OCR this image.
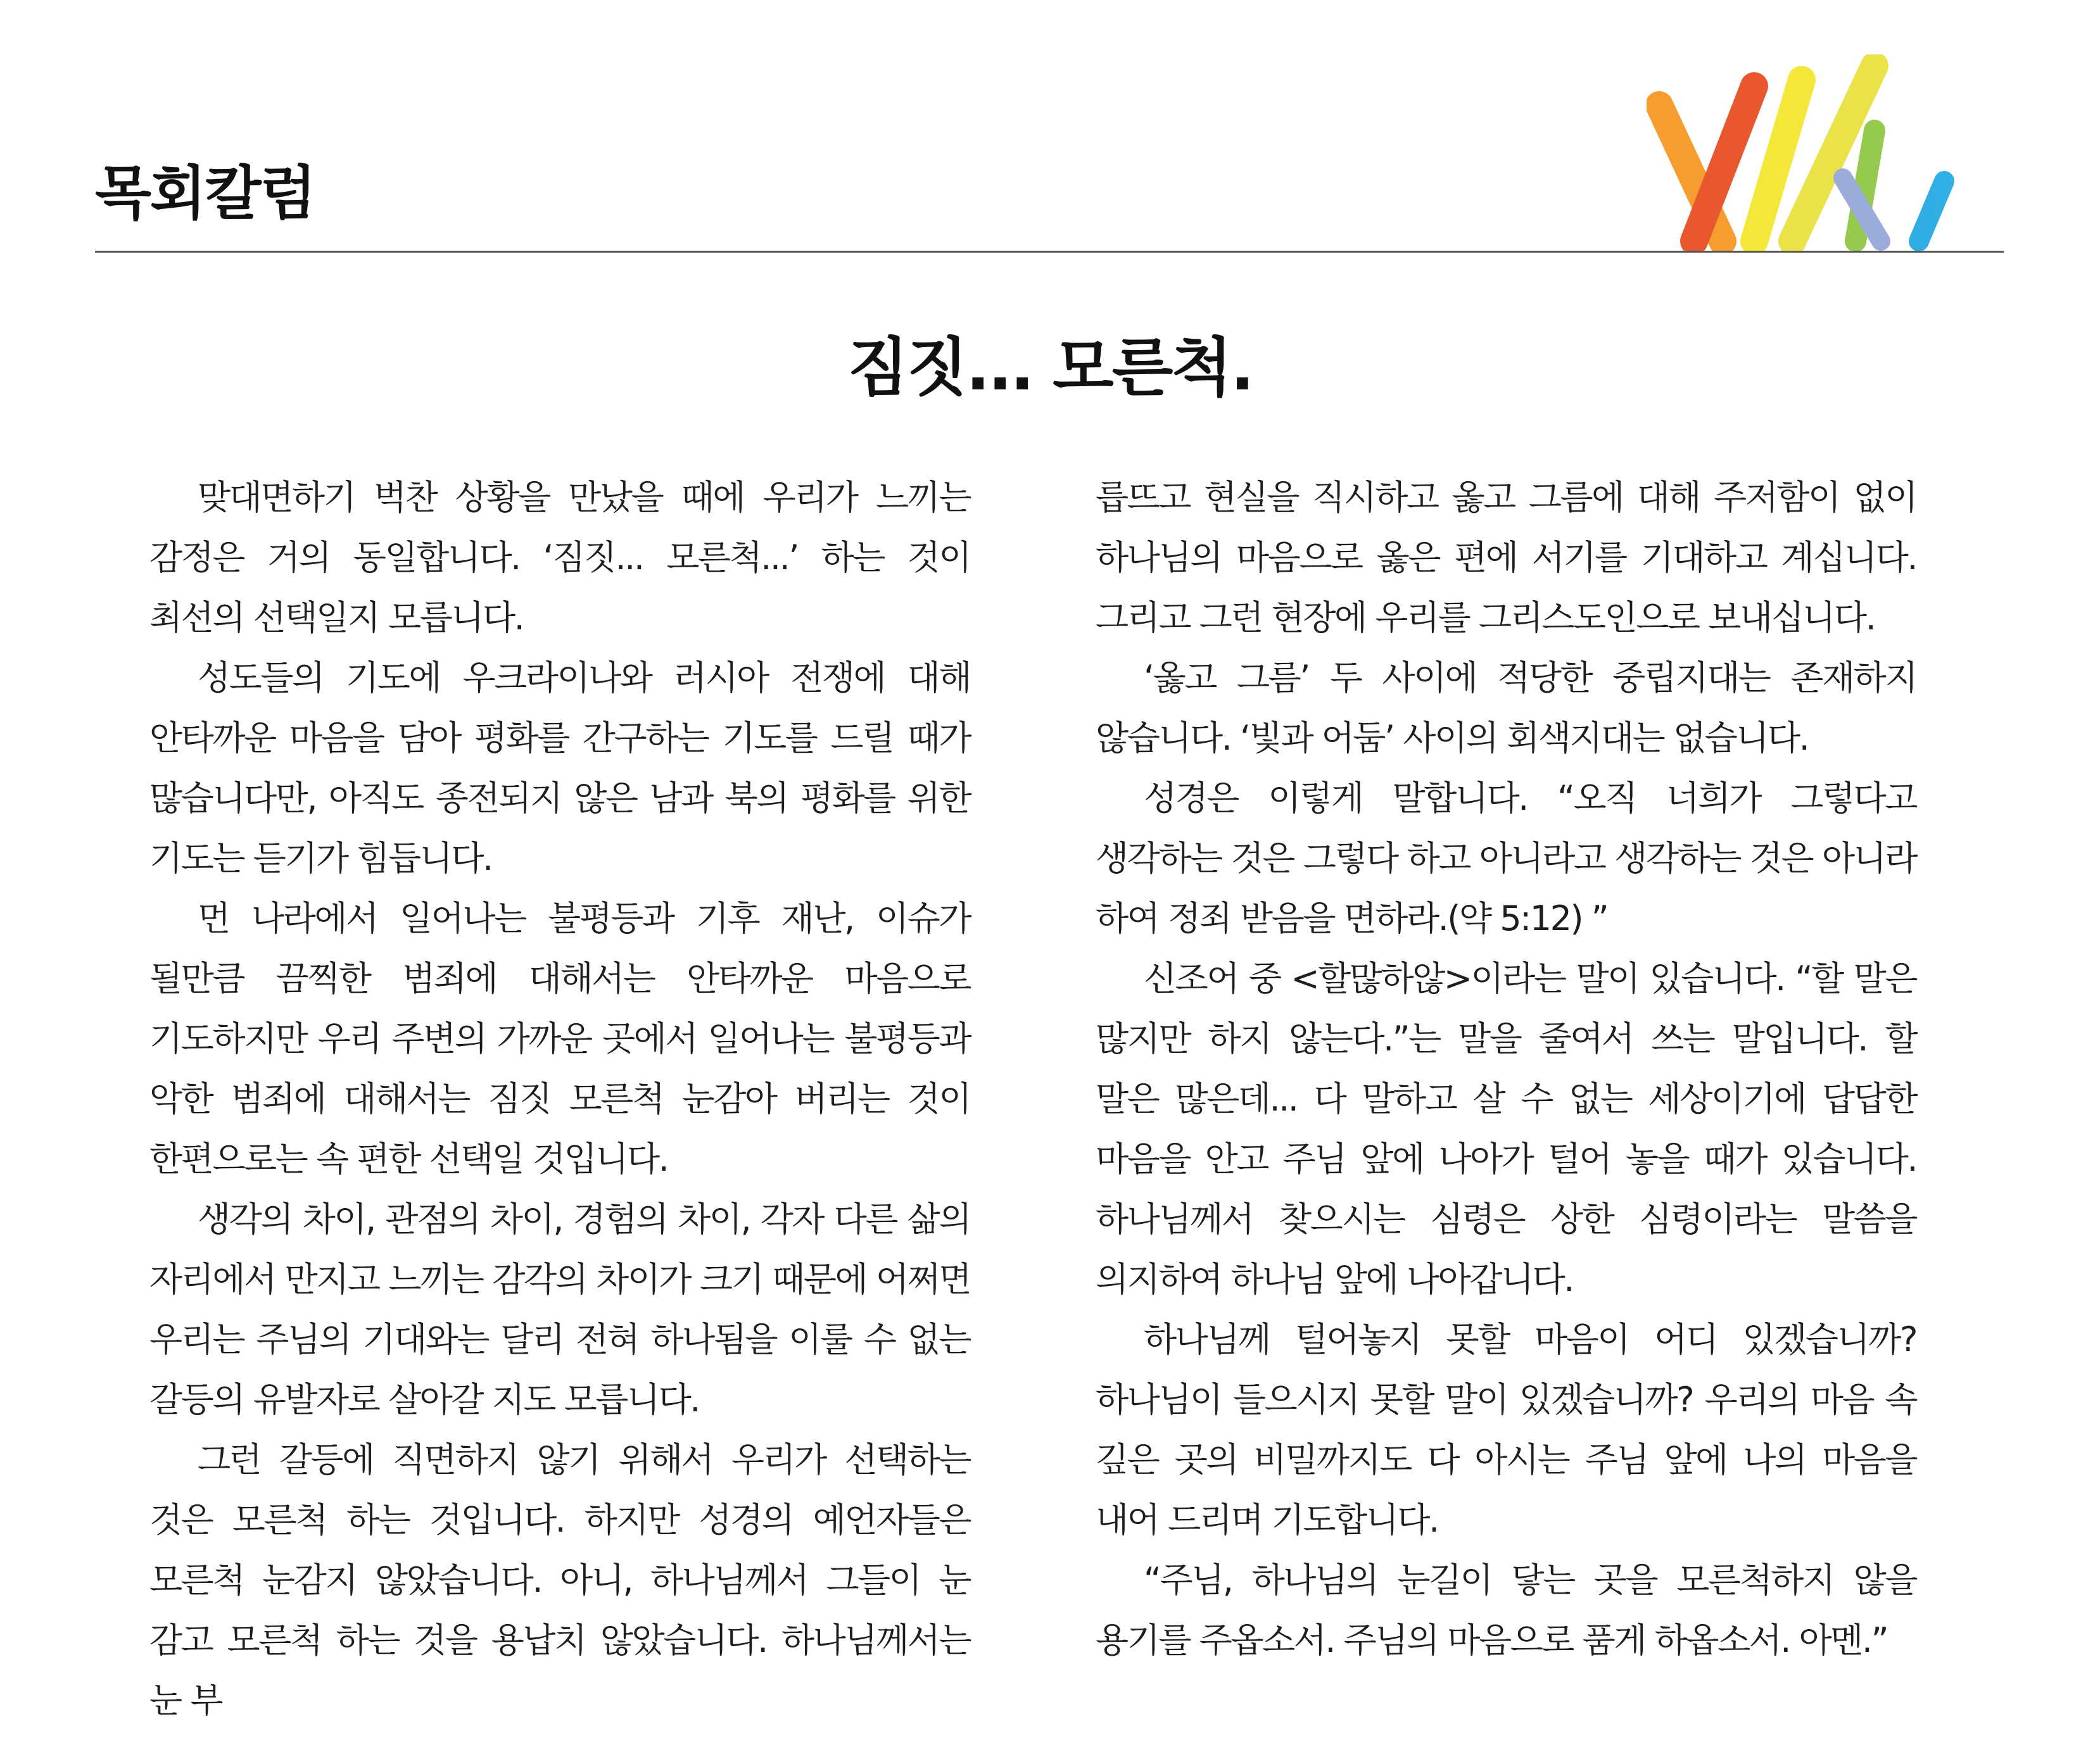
목회칼럼
짐짓... 모른척.

맞대면하기 벅찬 상황을 만났을 때에 우리가 느끼는 감정은 거의 동일합니다. ‘짐짓... 모른척...’ 하는 것이 최선의 선택일지 모릅니다.

성도들의 기도에 우크라이나와 러시아 전쟁에 대해 안타까운 마음을 담아 평화를 간구하는 기도를 드릴 때가 많습니다만, 아직도 종전되지 않은 남과 북의 평화를 위한 기도는 듣기가 힘듭니다.

먼 나라에서 일어나는 불평등과 기후 재난, 이슈가 될만큼 끔찍한 범죄에 대해서는 안타까운 마음으로 기도하지만 우리 주변의 가까운 곳에서 일어나는 불평등과 악한 범죄에 대해서는 짐짓 모른척 눈감아 버리는 것이 한편으로는 속 편한 선택일 것입니다.

생각의 차이, 관점의 차이, 경험의 차이, 각자 다른 삶의 자리에서 만지고 느끼는 감각의 차이가 크기 때문에 어쩌면 우리는 주님의 기대와는 달리 전혀 하나됨을 이룰 수 없는 갈등의 유발자로 살아갈 지도 모릅니다.

그런 갈등에 직면하지 않기 위해서 우리가 선택하는 것은 모른척 하는 것입니다. 하지만 성경의 예언자들은 모른척 눈감지 않았습니다. 아니, 하나님께서 그들이 눈 감고 모른척 하는 것을 용납치 않았습니다. 하나님께서는 눈 부

릅뜨고 현실을 직시하고 옳고 그름에 대해 주저함이 없이 하나님의 마음으로 옳은 편에 서기를 기대하고 계십니다. 그리고 그런 현장에 우리를 그리스도인으로 보내십니다.

‘옳고 그름’ 두 사이에 적당한 중립지대는 존재하지 않습니다. ‘빛과 어둠’ 사이의 회색지대는 없습니다.

성경은 이렇게 말합니다. “오직 너희가 그렇다고 생각하는 것은 그렇다 하고 아니라고 생각하는 것은 아니라 하여 정죄 받음을 면하라.(약 5:12) ”

신조어 중 <할많하않>이라는 말이 있습니다. “할 말은 많지만 하지 않는다.”는 말을 줄여서 쓰는 말입니다. 할 말은 많은데... 다 말하고 살 수 없는 세상이기에 답답한 마음을 안고 주님 앞에 나아가 털어 놓을 때가 있습니다. 하나님께서 찾으시는 심령은 상한 심령이라는 말씀을 의지하여 하나님 앞에 나아갑니다.

하나님께 털어놓지 못할 마음이 어디 있겠습니까? 하나님이 들으시지 못할 말이 있겠습니까? 우리의 마음 속 깊은 곳의 비밀까지도 다 아시는 주님 앞에 나의 마음을 내어 드리며 기도합니다.

“주님, 하나님의 눈길이 닿는 곳을 모른척하지 않을 용기를 주옵소서. 주님의 마음으로 품게 하옵소서. 아멘.”
